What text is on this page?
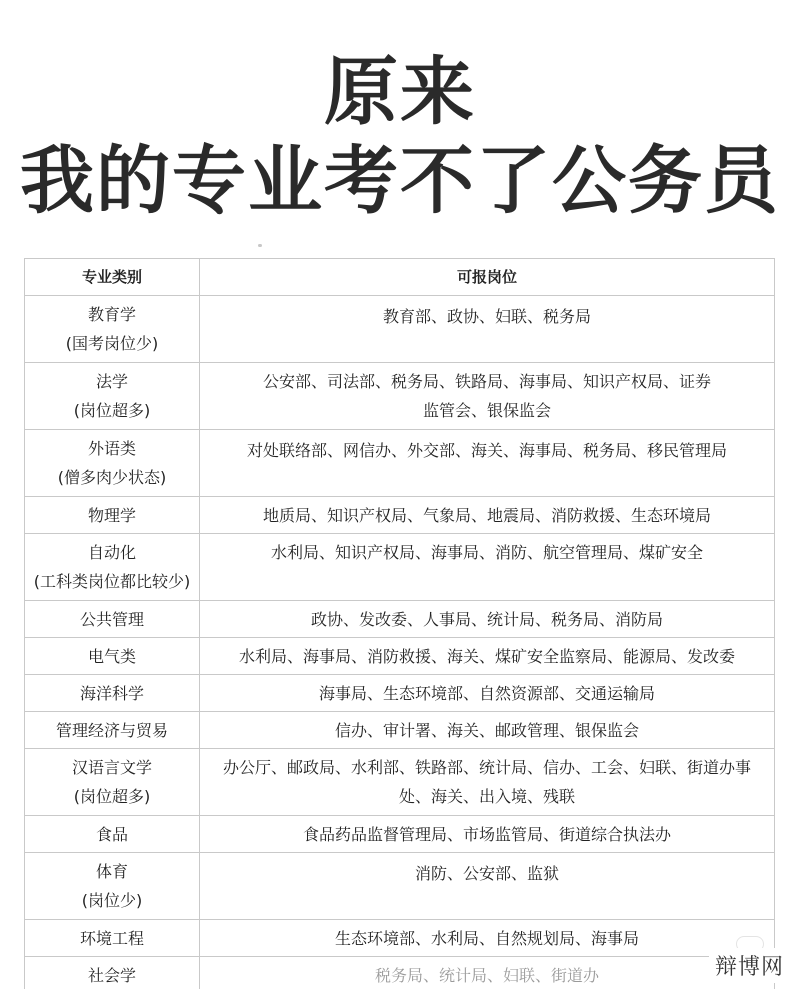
原来
我的专业考不了公务员
专业类别	可报岗位

教育学
(国考岗位少)	教育部、政协、妇联、税务局

法学
(岗位超多)	公安部、司法部、税务局、铁路局、海事局、知识产权局、证券监管会、银保监会

外语类
(僧多肉少状态)	对处联络部、网信办、外交部、海关、海事局、税务局、移民管理局

物理学	地质局、知识产权局、气象局、地震局、消防救援、生态环境局

自动化
(工科类岗位都比较少)	水利局、知识产权局、海事局、消防、航空管理局、煤矿安全

公共管理	政协、发改委、人事局、统计局、税务局、消防局

电气类	水利局、海事局、消防救援、海关、煤矿安全监察局、能源局、发改委

海洋科学	海事局、生态环境部、自然资源部、交通运输局

管理经济与贸易	信办、审计署、海关、邮政管理、银保监会

汉语言文学
(岗位超多)	办公厅、邮政局、水利部、铁路部、统计局、信办、工会、妇联、街道办事处、海关、出入境、残联

食品	食品药品监督管理局、市场监管局、街道综合执法办

体育
(岗位少)	消防、公安部、监狱

环境工程	生态环境部、水利局、自然规划局、海事局

社会学	税务局、统计局、妇联、街道办	辩博网
